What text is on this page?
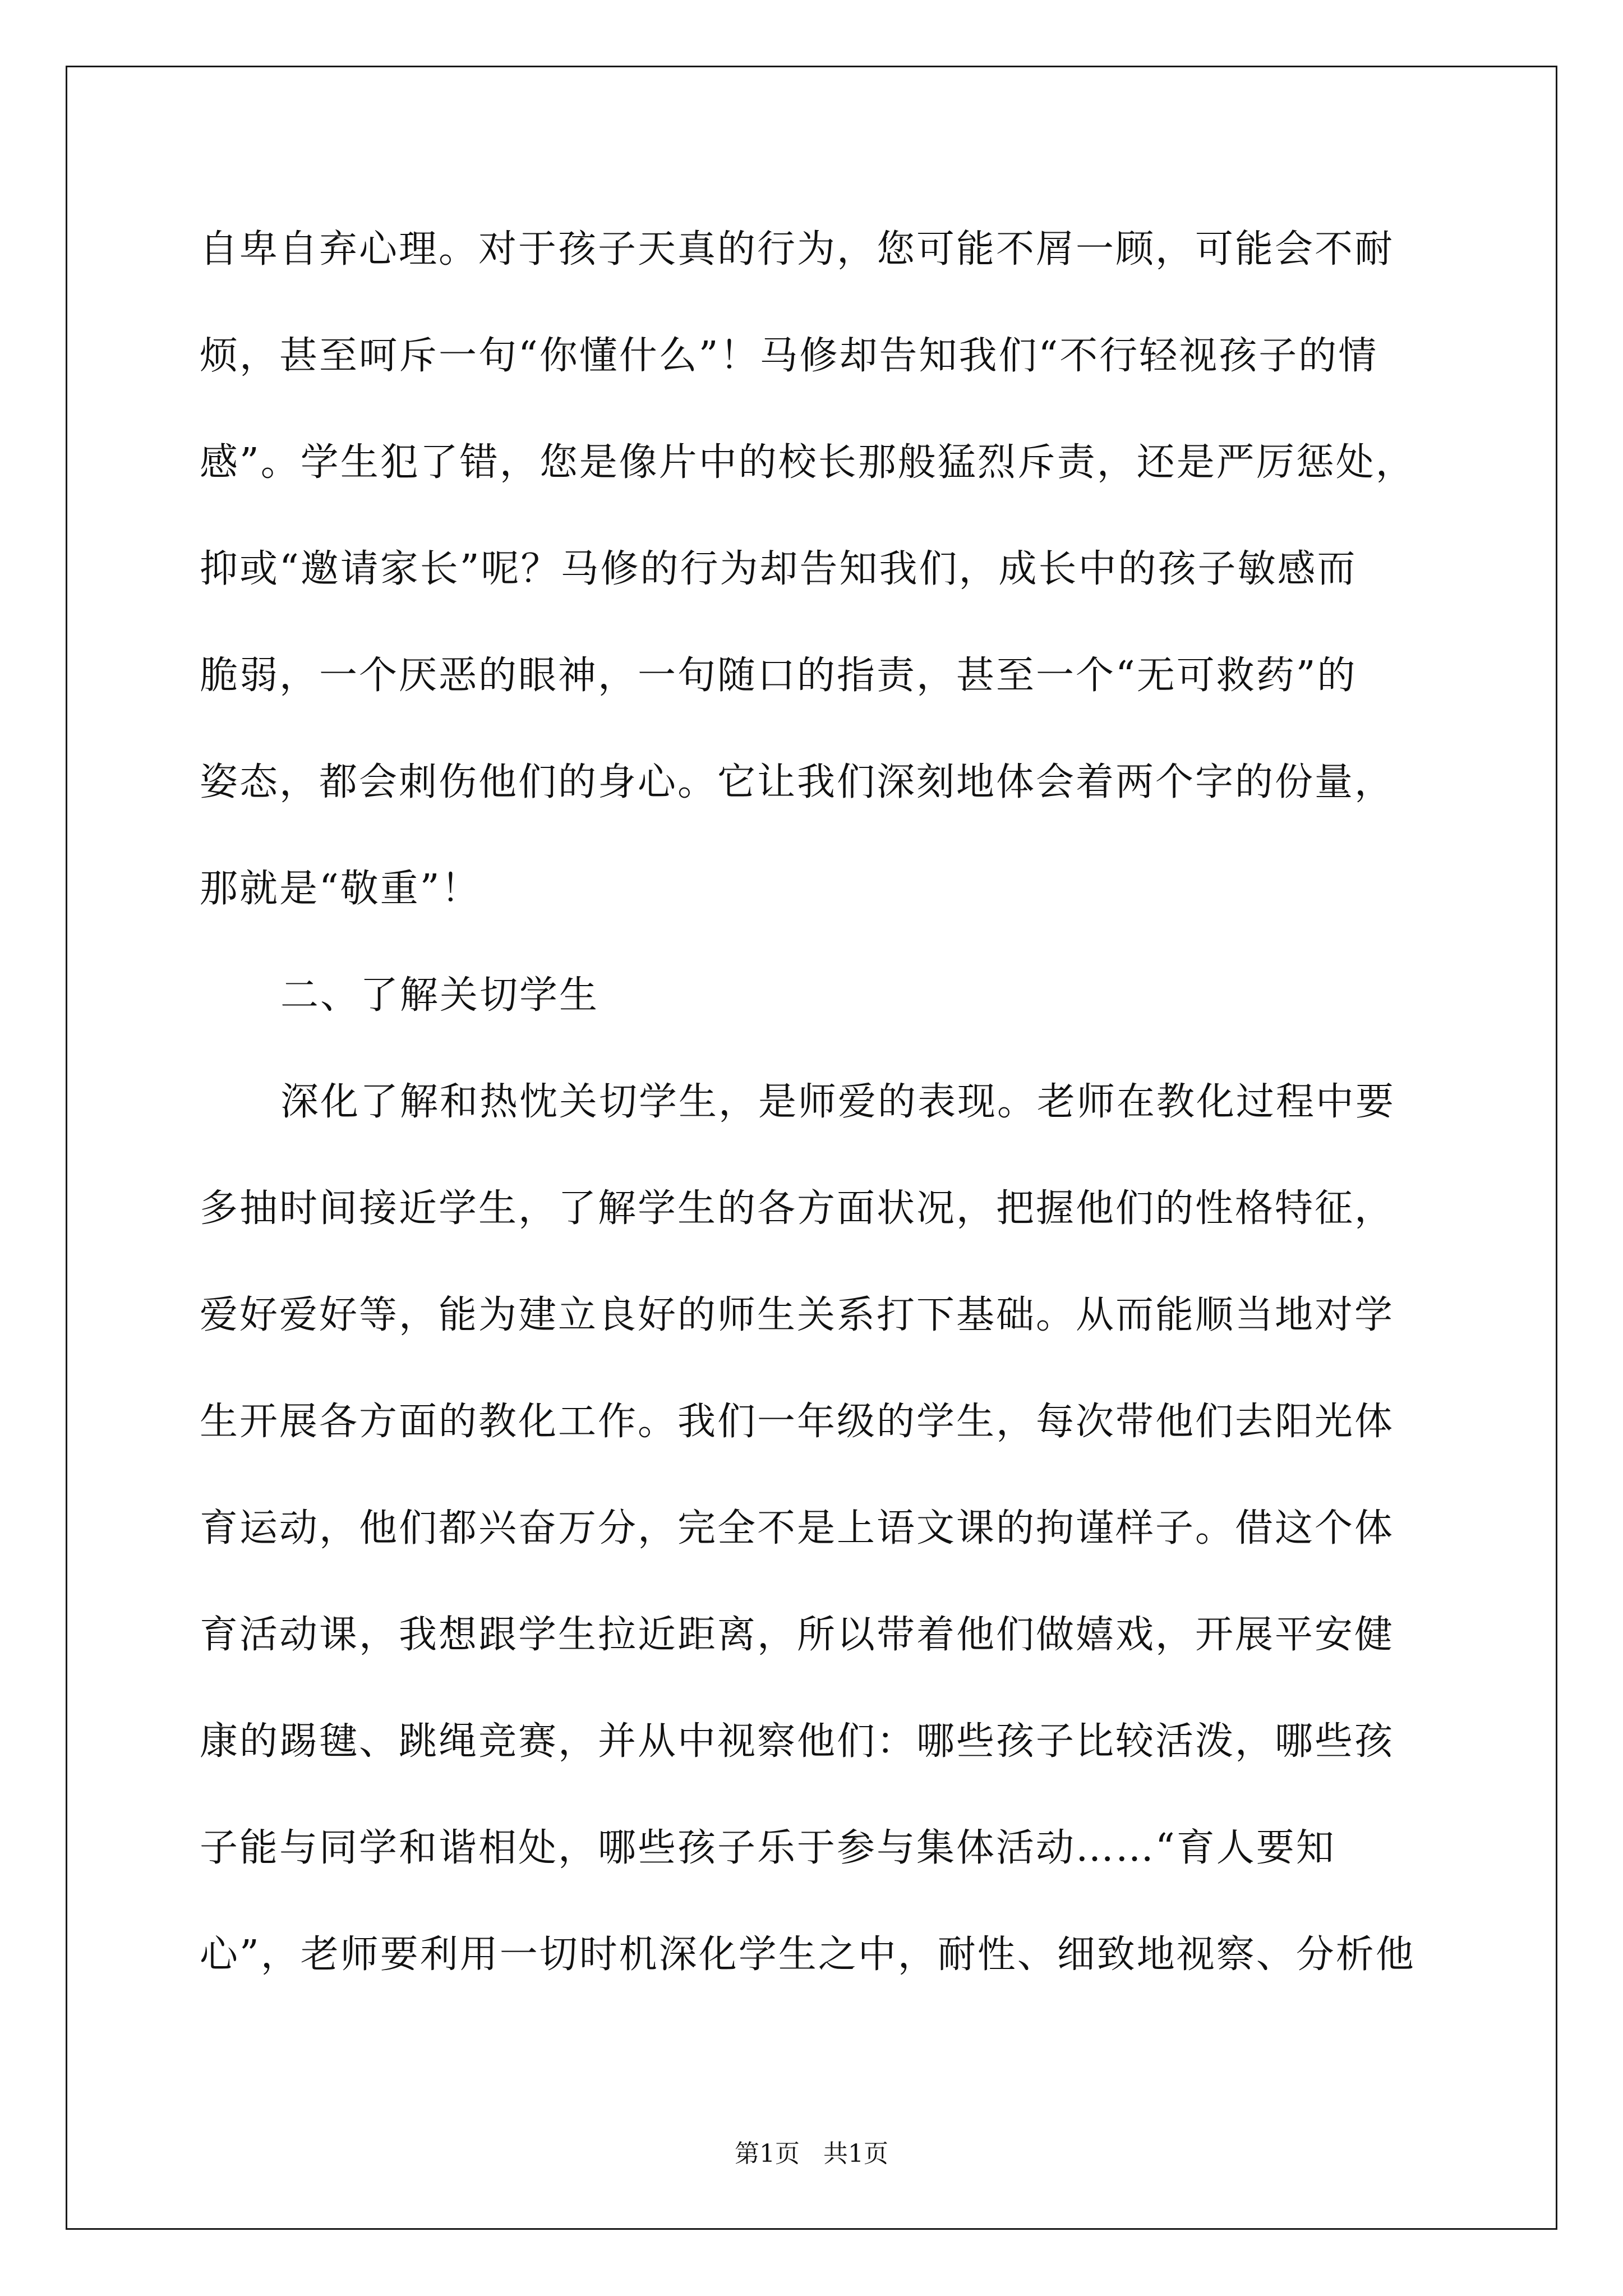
自卑自弃心理。对于孩子天真的行为，您可能不屑一顾，可能会不耐
烦，甚至呵斥一句“你懂什么”！马修却告知我们“不行轻视孩子的情
感”。学生犯了错，您是像片中的校长那般猛烈斥责，还是严厉惩处，
抑或“邀请家长”呢？马修的行为却告知我们，成长中的孩子敏感而
脆弱，一个厌恶的眼神，一句随口的指责，甚至一个“无可救药”的
姿态，都会刺伤他们的身心。它让我们深刻地体会着两个字的份量，
那就是“敬重”！
二、了解关切学生
深化了解和热忱关切学生，是师爱的表现。老师在教化过程中要
多抽时间接近学生，了解学生的各方面状况，把握他们的性格特征，
爱好爱好等，能为建立良好的师生关系打下基础。从而能顺当地对学
生开展各方面的教化工作。我们一年级的学生，每次带他们去阳光体
育运动，他们都兴奋万分，完全不是上语文课的拘谨样子。借这个体
育活动课，我想跟学生拉近距离，所以带着他们做嬉戏，开展平安健
康的踢毽、跳绳竞赛，并从中视察他们：哪些孩子比较活泼，哪些孩
子能与同学和谐相处，哪些孩子乐于参与集体活动……“育人要知
心”，老师要利用一切时机深化学生之中，耐性、细致地视察、分析他
第1页   共1页
